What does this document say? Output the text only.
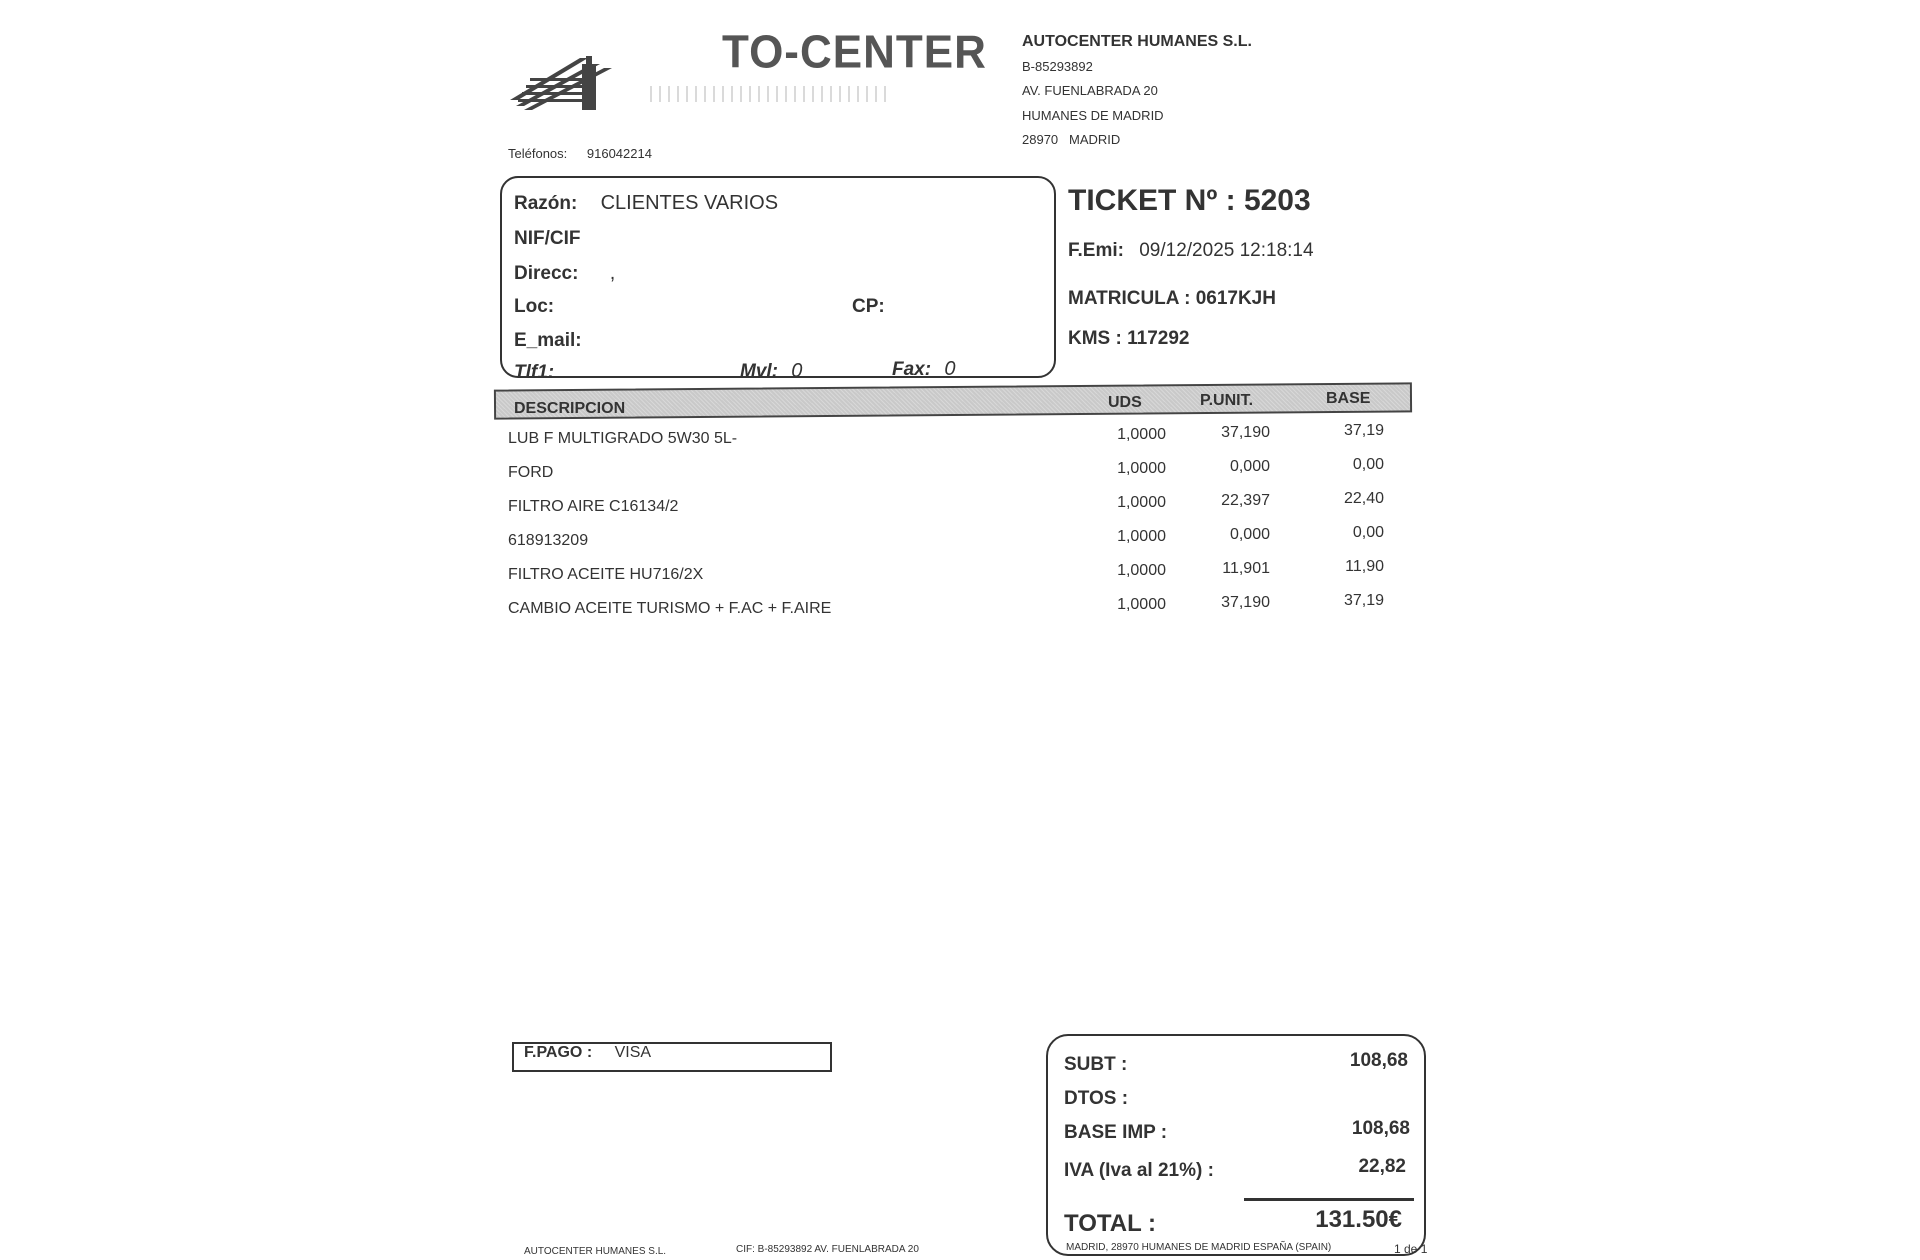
TO-CENTER AUTOCENTER HUMANES S.L.
B-85293892
AV. FUENLABRADA 20
HUMANES DE MADRID
28970 MADRID
Teléfonos: 916042214
Razón: CLIENTES VARIOS
NIF/CIF
Direcc: ,
Loc:	CP:
E_mail:
Tlf1:	Mvl: 0	Fax: 0
TICKET Nº : 5203
F.Emi: 09/12/2025 12:18:14
MATRICULA : 0617KJH
KMS : 117292
DESCRIPCION	UDS	P.UNIT.	BASE
LUB F MULTIGRADO 5W30 5L-	1,0000	37,190	37,19
FORD	1,0000	0,000	0,00
FILTRO AIRE C16134/2	1,0000	22,397	22,40
618913209	1,0000	0,000	0,00
FILTRO ACEITE HU716/2X	1,0000	11,901	11,90
CAMBIO ACEITE TURISMO + F.AC + F.AIRE	1,0000	37,190	37,19
F.PAGO : VISA
SUBT :	108,68
DTOS :
BASE IMP :	108,68
IVA (Iva al 21%) :	22,82
TOTAL :	131.50€
AUTOCENTER HUMANES S.L.	CIF: B-85293892 AV. FUENLABRADA 20	MADRID, 28970 HUMANES DE MADRID ESPAÑA (SPAIN)	1 de 1
